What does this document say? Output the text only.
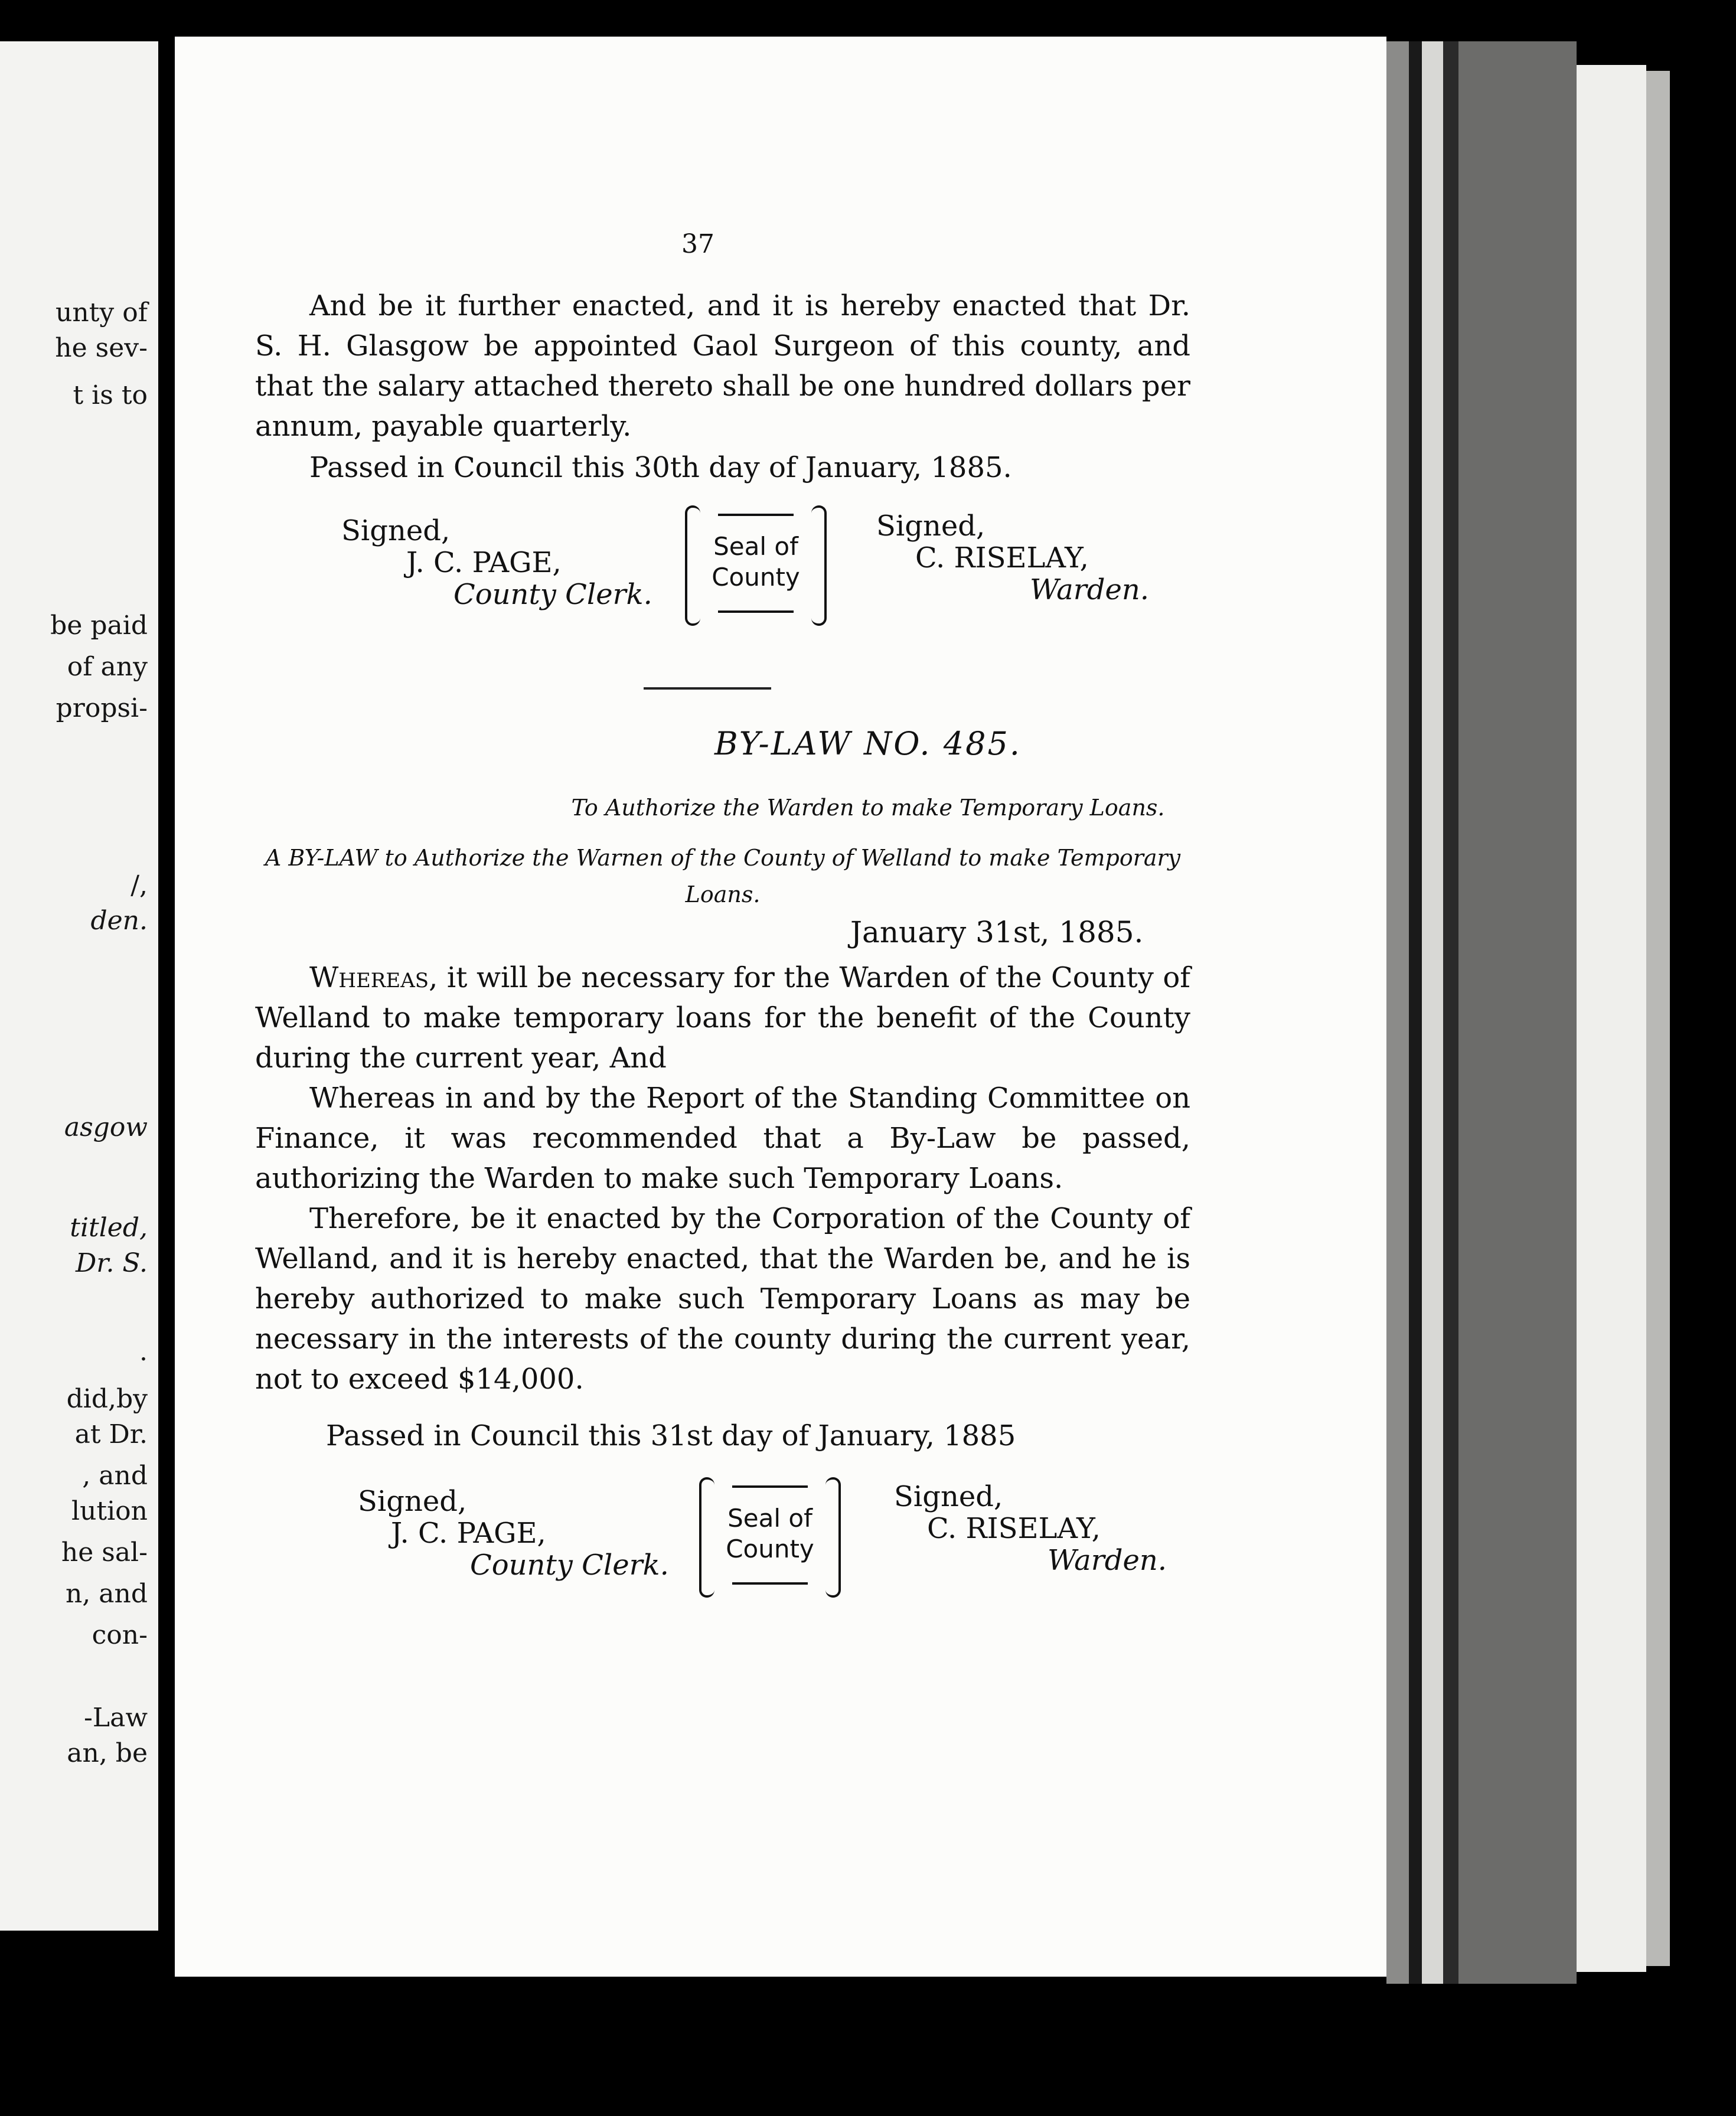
unty of
he sev-
t is to
be paid
of any
propsi-
/,
den.
asgow
titled,
Dr. S.
.
did,by
at Dr.
, and
lution
he sal-
n, and
con-
-Law
an, be
37

And be it further enacted, and it is hereby enacted that Dr. S. H. Glasgow be appointed Gaol Surgeon of this county, and that the salary attached thereto shall be one hundred dollars per annum, payable quarterly.

Passed in Council this 30th day of January, 1885.
Signed,
J. C. PAGE,
County Clerk.
Seal of
County
Signed,
C. RISELAY,
Warden.
BY-LAW NO. 485.
To Authorize the Warden to make Temporary Loans.
A BY-LAW to Authorize the Warnen of the County of Welland to make Temporary Loans.
January 31st, 1885.

Whereas, it will be necessary for the Warden of the County of Welland to make temporary loans for the benefit of the County during the current year, And

Whereas in and by the Report of the Standing Committee on Finance, it was recommended that a By-Law be passed, authorizing the Warden to make such Temporary Loans.

Therefore, be it enacted by the Corporation of the County of Welland, and it is hereby enacted, that the Warden be, and he is hereby authorized to make such Temporary Loans as may be necessary in the interests of the county during the current year, not to exceed $14,000.

Passed in Council this 31st day of January, 1885
Signed,
J. C. PAGE,
County Clerk.
Seal of
County
Signed,
C. RISELAY,
Warden.
